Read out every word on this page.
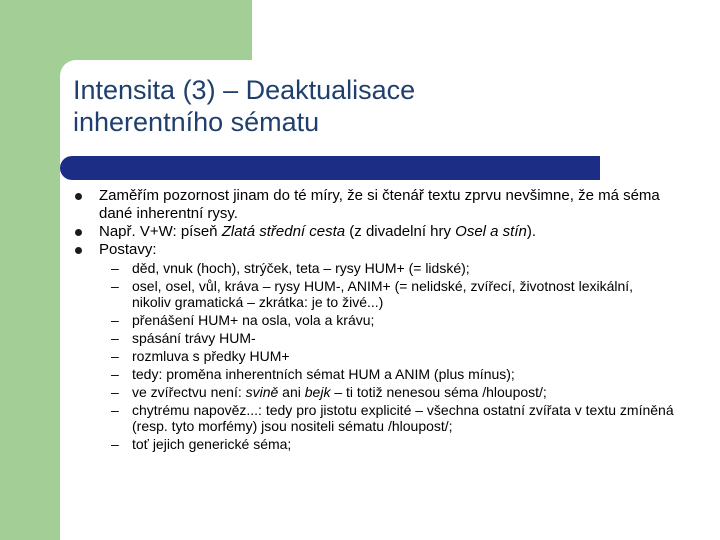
Intensita (3) – Deaktualisace
inherentního sématu
Zaměřím pozornost jinam do té míry, že si čtenář textu zprvu nevšimne, že má séma dané inherentní rysy.
Např. V+W: píseň Zlatá střední cesta (z divadelní hry Osel a stín).
Postavy:
– děd, vnuk (hoch), strýček, teta – rysy HUM+ (= lidské);
– osel, osel, vůl, kráva – rysy HUM-, ANIM+ (= nelidské, zvířecí, životnost lexikální, nikoliv gramatická – zkrátka: je to živé...)
– přenášení HUM+ na osla, vola a krávu;
– spásání trávy HUM-
– rozmluva s předky HUM+
– tedy: proměna inherentních sémat HUM a ANIM (plus mínus);
– ve zvířectvu není: svině ani bejk – ti totiž nenesou séma /hloupost/;
– chytrému napověz...: tedy pro jistotu explicité – všechna ostatní zvířata v textu zmíněná (resp. tyto morfémy) jsou nositeli sématu /hloupost/;
– toť jejich generické séma;
